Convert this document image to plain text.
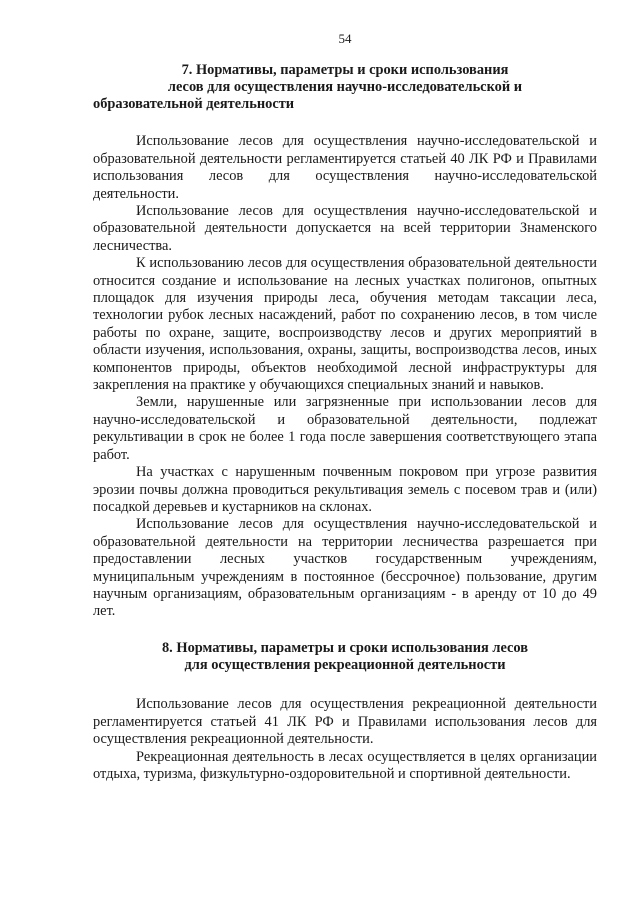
54
7. Нормативы, параметры и сроки использования
лесов для осуществления научно-исследовательской и
образовательной деятельности

Использование лесов для осуществления научно-исследовательской и образовательной деятельности регламентируется статьей 40 ЛК РФ и Правилами использования лесов для осуществления научно-исследовательской деятельности.

Использование лесов для осуществления научно-исследовательской и образовательной деятельности допускается на всей территории Знаменского лесничества.

К использованию лесов для осуществления образовательной деятельности относится создание и использование на лесных участках полигонов, опытных площадок для изучения природы леса, обучения методам таксации леса, технологии рубок лесных насаждений, работ по сохранению лесов, в том числе работы по охране, защите, воспроизводству лесов и других мероприятий в области изучения, использования, охраны, защиты, воспроизводства лесов, иных компонентов природы, объектов необходимой лесной инфраструктуры для закрепления на практике у обучающихся специальных знаний и навыков.

Земли, нарушенные или загрязненные при использовании лесов для научно-исследовательской и образовательной деятельности, подлежат рекультивации в срок не более 1 года после завершения соответствующего этапа работ.

На участках с нарушенным почвенным покровом при угрозе развития эрозии почвы должна проводиться рекультивация земель с посевом трав и (или) посадкой деревьев и кустарников на склонах.

Использование лесов для осуществления научно-исследовательской и образовательной деятельности на территории лесничества разрешается при предоставлении лесных участков государственным учреждениям, муниципальным учреждениям в постоянное (бессрочное) пользование, другим научным организациям, образовательным организациям - в аренду от 10 до 49 лет.

8. Нормативы, параметры и сроки использования лесов
для осуществления рекреационной деятельности

Использование лесов для осуществления рекреационной деятельности регламентируется статьей 41 ЛК РФ и Правилами использования лесов для осуществления рекреационной деятельности.

Рекреационная деятельность в лесах осуществляется в целях организации отдыха, туризма, физкультурно-оздоровительной и спортивной деятельности.
